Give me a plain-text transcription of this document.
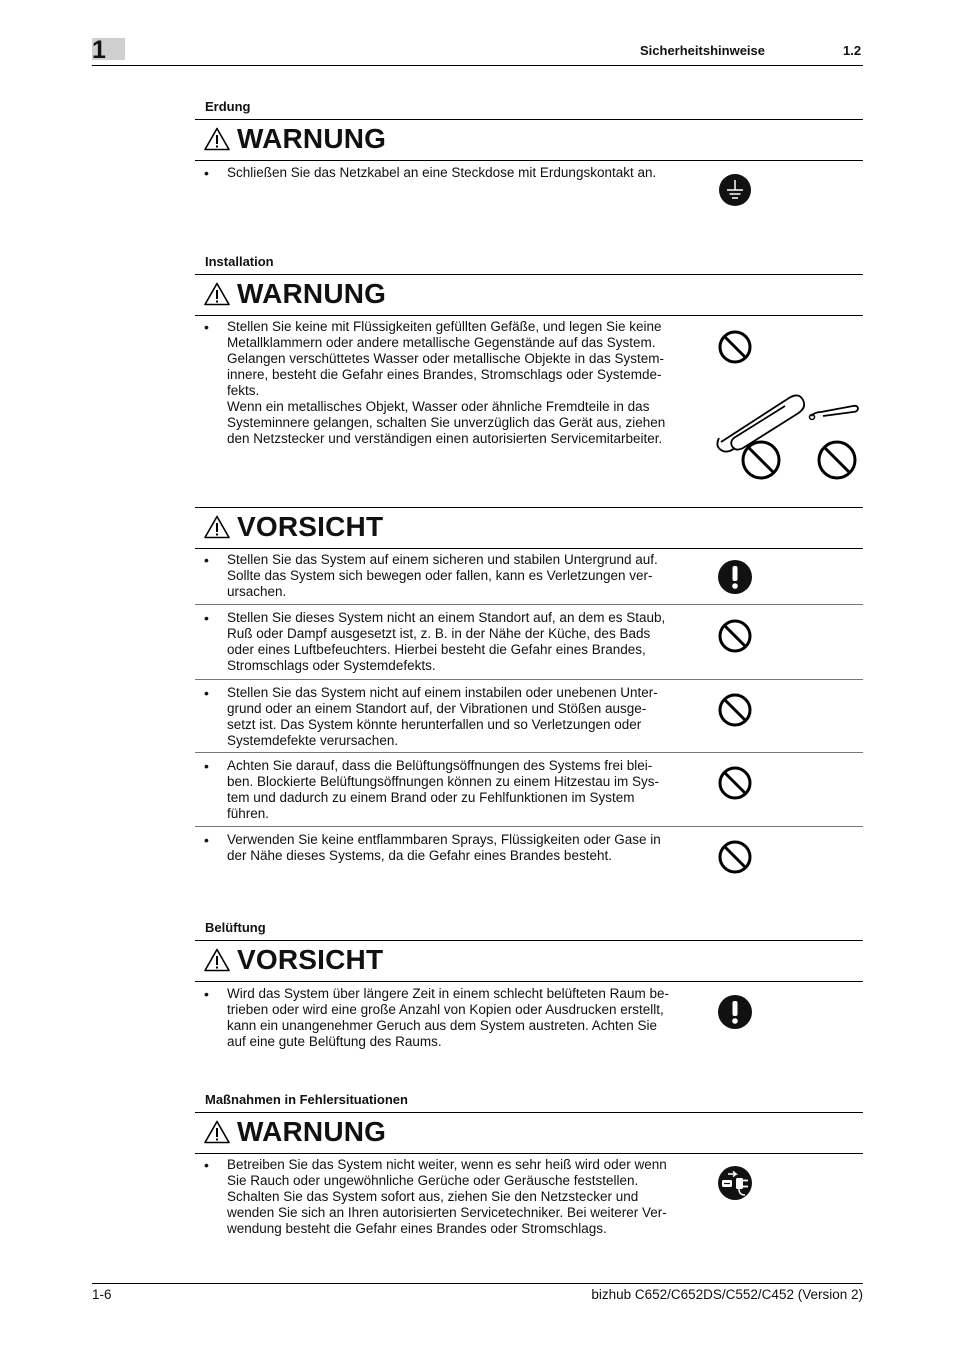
1	Sicherheitshinweise	1.2
Erdung
WARNUNG
• Schließen Sie das Netzkabel an eine Steckdose mit Erdungskontakt an.
Installation
WARNUNG
• Stellen Sie keine mit Flüssigkeiten gefüllten Gefäße, und legen Sie keine
Metallklammern oder andere metallische Gegenstände auf das System.
Gelangen verschüttetes Wasser oder metallische Objekte in das System-
innere, besteht die Gefahr eines Brandes, Stromschlags oder Systemde-
fekts.
Wenn ein metallisches Objekt, Wasser oder ähnliche Fremdteile in das
Systeminnere gelangen, schalten Sie unverzüglich das Gerät aus, ziehen
den Netzstecker und verständigen einen autorisierten Servicemitarbeiter.
VORSICHT
• Stellen Sie das System auf einem sicheren und stabilen Untergrund auf.
Sollte das System sich bewegen oder fallen, kann es Verletzungen ver-
ursachen.
• Stellen Sie dieses System nicht an einem Standort auf, an dem es Staub,
Ruß oder Dampf ausgesetzt ist, z. B. in der Nähe der Küche, des Bads
oder eines Luftbefeuchters. Hierbei besteht die Gefahr eines Brandes,
Stromschlags oder Systemdefekts.
• Stellen Sie das System nicht auf einem instabilen oder unebenen Unter-
grund oder an einem Standort auf, der Vibrationen und Stößen ausge-
setzt ist. Das System könnte herunterfallen und so Verletzungen oder
Systemdefekte verursachen.
• Achten Sie darauf, dass die Belüftungsöffnungen des Systems frei blei-
ben. Blockierte Belüftungsöffnungen können zu einem Hitzestau im Sys-
tem und dadurch zu einem Brand oder zu Fehlfunktionen im System
führen.
• Verwenden Sie keine entflammbaren Sprays, Flüssigkeiten oder Gase in
der Nähe dieses Systems, da die Gefahr eines Brandes besteht.
Belüftung
VORSICHT
• Wird das System über längere Zeit in einem schlecht belüfteten Raum be-
trieben oder wird eine große Anzahl von Kopien oder Ausdrucken erstellt,
kann ein unangenehmer Geruch aus dem System austreten. Achten Sie
auf eine gute Belüftung des Raums.
Maßnahmen in Fehlersituationen
WARNUNG
• Betreiben Sie das System nicht weiter, wenn es sehr heiß wird oder wenn
Sie Rauch oder ungewöhnliche Gerüche oder Geräusche feststellen.
Schalten Sie das System sofort aus, ziehen Sie den Netzstecker und
wenden Sie sich an Ihren autorisierten Servicetechniker. Bei weiterer Ver-
wendung besteht die Gefahr eines Brandes oder Stromschlags.
1-6	bizhub C652/C652DS/C552/C452 (Version 2)
